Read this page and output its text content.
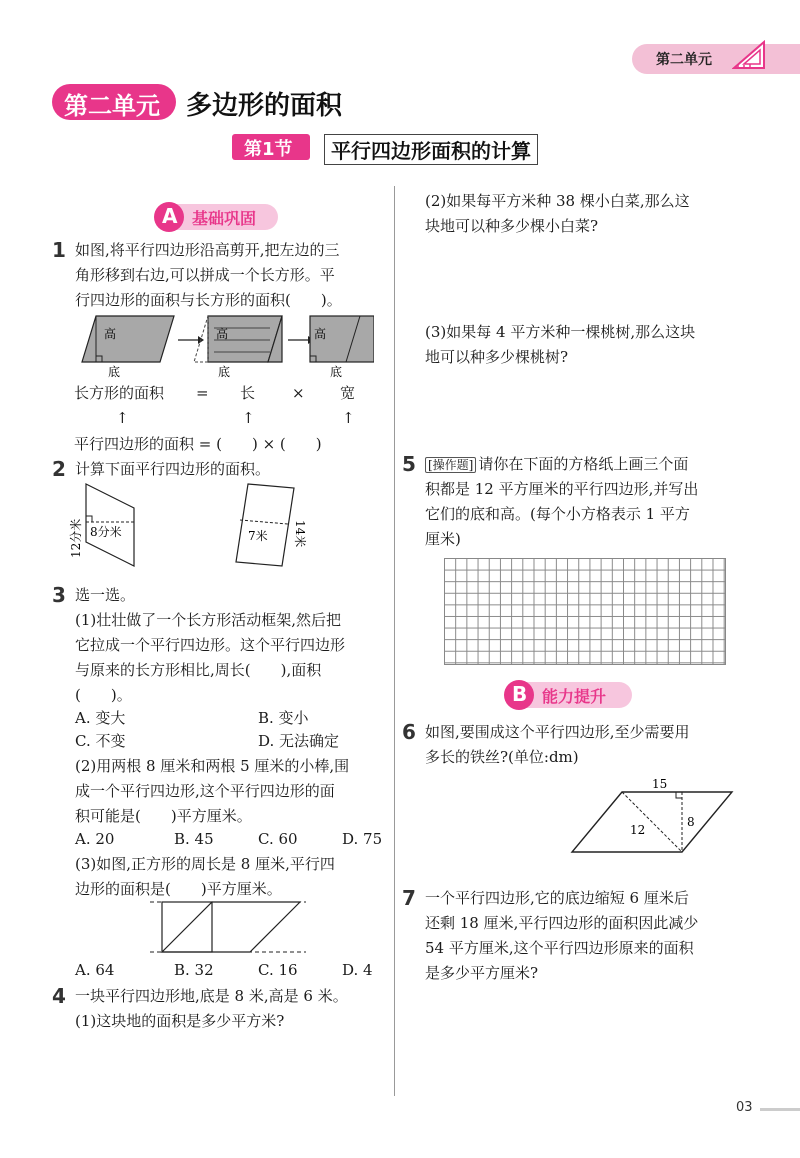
第二单元
第二单元 多边形的面积
第1节	平行四边形面积的计算
A 基础巩固
1 如图,将平行四边形沿高剪开,把左边的三
角形移到右边,可以拼成一个长方形。平
行四边形的面积与长方形的面积(　　)。
高
底
高
底
高
底
长方形的面积 = 长 × 宽
↑	↑	↑
平行四边形的面积 = (　　) × (　　)
2 计算下面平行四边形的面积。
8分米
12分米	7米 14米
3 选一选。
(1)壮壮做了一个长方形活动框架,然后把
它拉成一个平行四边形。这个平行四边形
与原来的长方形相比,周长(　　),面积
(　　)。
A. 变大	B. 变小
C. 不变	D. 无法确定
(2)用两根 8 厘米和两根 5 厘米的小棒,围
成一个平行四边形,这个平行四边形的面
积可能是(　　)平方厘米。
A. 20	B. 45	C. 60	D. 75
(3)如图,正方形的周长是 8 厘米,平行四
边形的面积是(　　)平方厘米。
A. 64	B. 32	C. 16	D. 4
4 一块平行四边形地,底是 8 米,高是 6 米。
(1)这块地的面积是多少平方米?
(2)如果每平方米种 38 棵小白菜,那么这
块地可以种多少棵小白菜?
(3)如果每 4 平方米种一棵桃树,那么这块
地可以种多少棵桃树?
5 [操作题] 请你在下面的方格纸上画三个面
积都是 12 平方厘米的平行四边形,并写出
它们的底和高。(每个小方格表示 1 平方
厘米)
B 能力提升
6 如图,要围成这个平行四边形,至少需要用
多长的铁丝?(单位:dm)
15
8
12
7 一个平行四边形,它的底边缩短 6 厘米后
还剩 18 厘米,平行四边形的面积因此减少
54 平方厘米,这个平行四边形原来的面积
是多少平方厘米?
03
